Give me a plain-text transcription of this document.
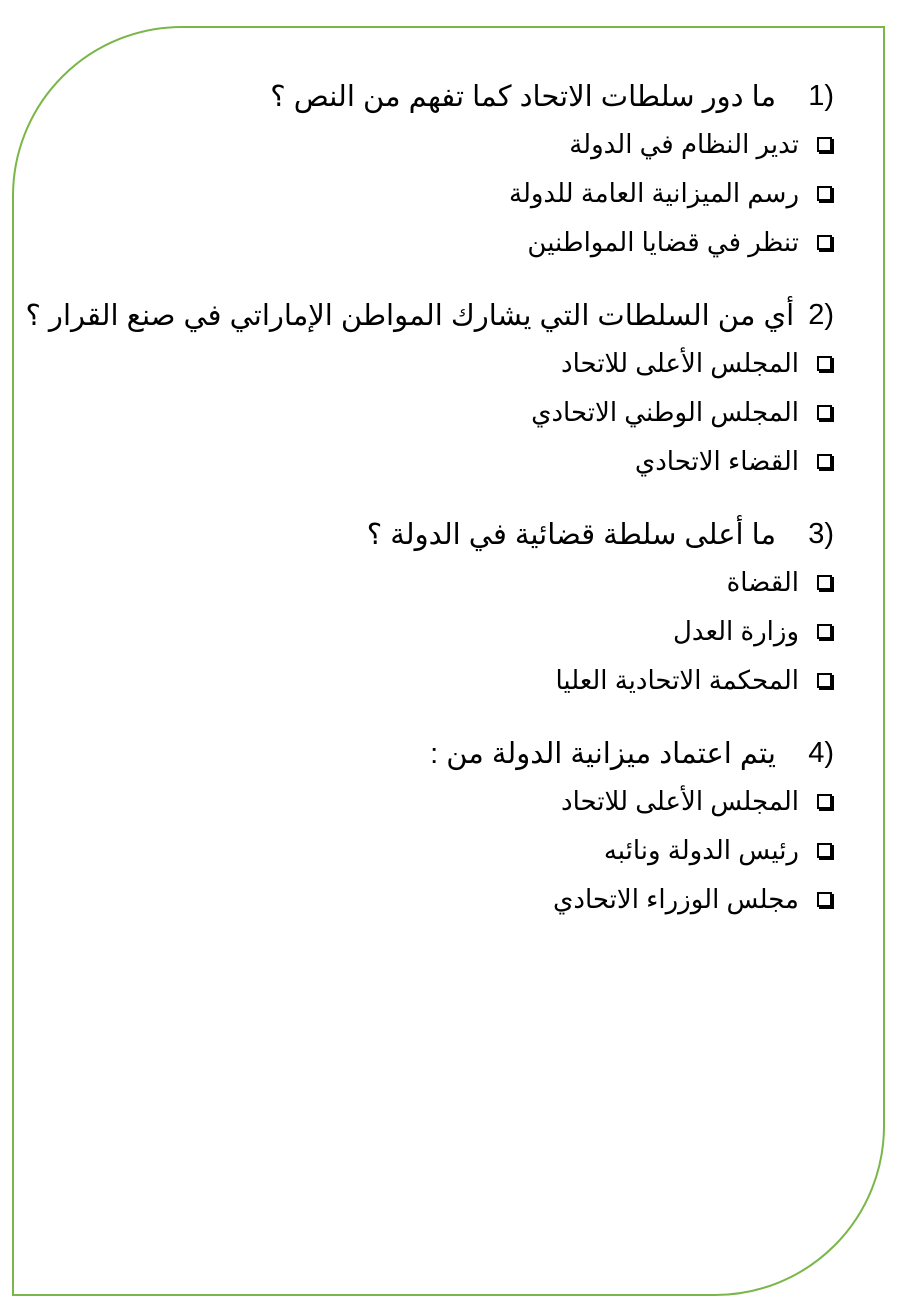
1)
ما دور سلطات الاتحاد كما تفهم من النص ؟
تدير النظام في الدولة
رسم الميزانية العامة للدولة
تنظر في قضايا المواطنين
2)
أي من السلطات التي يشارك المواطن الإماراتي في صنع القرار ؟
المجلس الأعلى للاتحاد
المجلس الوطني الاتحادي
القضاء الاتحادي
3)
ما أعلى سلطة قضائية في الدولة ؟
القضاة
وزارة العدل
المحكمة الاتحادية العليا
4)
يتم اعتماد ميزانية الدولة من :
المجلس الأعلى للاتحاد
رئيس الدولة ونائبه
مجلس الوزراء الاتحادي
